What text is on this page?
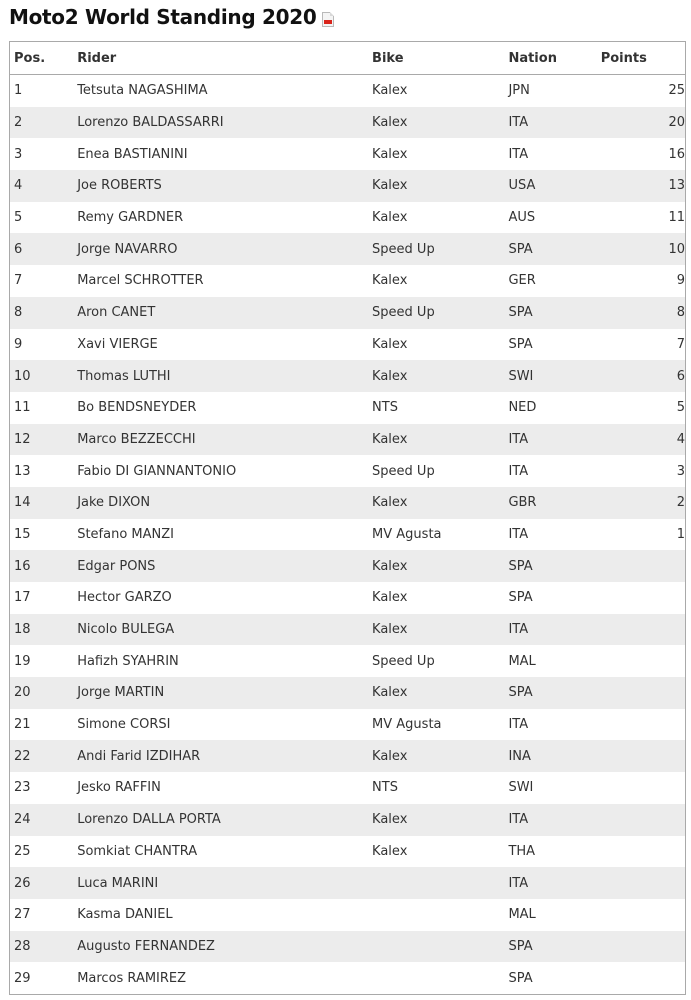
Moto2 World Standing 2020
Pos.	Rider	Bike	Nation	Points
1	Tetsuta NAGASHIMA	Kalex	JPN	25
2	Lorenzo BALDASSARRI	Kalex	ITA	20
3	Enea BASTIANINI	Kalex	ITA	16
4	Joe ROBERTS	Kalex	USA	13
5	Remy GARDNER	Kalex	AUS	11
6	Jorge NAVARRO	Speed Up	SPA	10
7	Marcel SCHROTTER	Kalex	GER	9
8	Aron CANET	Speed Up	SPA	8
9	Xavi VIERGE	Kalex	SPA	7
10	Thomas LUTHI	Kalex	SWI	6
11	Bo BENDSNEYDER	NTS	NED	5
12	Marco BEZZECCHI	Kalex	ITA	4
13	Fabio DI GIANNANTONIO	Speed Up	ITA	3
14	Jake DIXON	Kalex	GBR	2
15	Stefano MANZI	MV Agusta	ITA	1
16	Edgar PONS	Kalex	SPA	
17	Hector GARZO	Kalex	SPA	
18	Nicolo BULEGA	Kalex	ITA	
19	Hafizh SYAHRIN	Speed Up	MAL	
20	Jorge MARTIN	Kalex	SPA	
21	Simone CORSI	MV Agusta	ITA	
22	Andi Farid IZDIHAR	Kalex	INA	
23	Jesko RAFFIN	NTS	SWI	
24	Lorenzo DALLA PORTA	Kalex	ITA	
25	Somkiat CHANTRA	Kalex	THA	
26	Luca MARINI		ITA	
27	Kasma DANIEL		MAL	
28	Augusto FERNANDEZ		SPA	
29	Marcos RAMIREZ		SPA	
